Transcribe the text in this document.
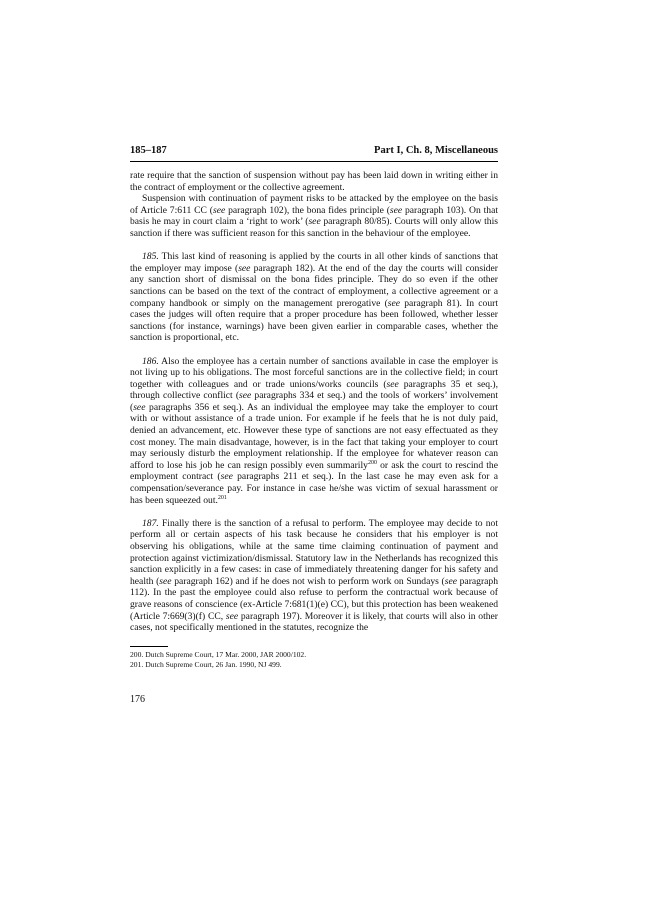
185–187	Part I, Ch. 8, Miscellaneous

rate require that the sanction of suspension without pay has been laid down in writing either in the contract of employment or the collective agreement.

Suspension with continuation of payment risks to be attacked by the employee on the basis of Article 7:611 CC (see paragraph 102), the bona fides principle (see paragraph 103). On that basis he may in court claim a ‘right to work’ (see paragraph 80/85). Courts will only allow this sanction if there was sufficient reason for this sanction in the behaviour of the employee.

185. This last kind of reasoning is applied by the courts in all other kinds of sanctions that the employer may impose (see paragraph 182). At the end of the day the courts will consider any sanction short of dismissal on the bona fides principle. They do so even if the other sanctions can be based on the text of the contract of employment, a collective agreement or a company handbook or simply on the management prerogative (see paragraph 81). In court cases the judges will often require that a proper procedure has been followed, whether lesser sanctions (for instance, warnings) have been given earlier in comparable cases, whether the sanction is proportional, etc.

186. Also the employee has a certain number of sanctions available in case the employer is not living up to his obligations. The most forceful sanctions are in the collective field; in court together with colleagues and or trade unions/works councils (see paragraphs 35 et seq.), through collective conflict (see paragraphs 334 et seq.) and the tools of workers’ involvement (see paragraphs 356 et seq.). As an individual the employee may take the employer to court with or without assistance of a trade union. For example if he feels that he is not duly paid, denied an advancement, etc. However these type of sanctions are not easy effectuated as they cost money. The main disadvantage, however, is in the fact that taking your employer to court may seriously disturb the employment relationship. If the employee for whatever reason can afford to lose his job he can resign possibly even summarily$^{200}$ or ask the court to rescind the employment contract (see paragraphs 211 et seq.). In the last case he may even ask for a compensation/severance pay. For instance in case he/she was victim of sexual harassment or has been squeezed out.$^{201}$

187. Finally there is the sanction of a refusal to perform. The employee may decide to not perform all or certain aspects of his task because he considers that his employer is not observing his obligations, while at the same time claiming continuation of payment and protection against victimization/dismissal. Statutory law in the Netherlands has recognized this sanction explicitly in a few cases: in case of immediately threatening danger for his safety and health (see paragraph 162) and if he does not wish to perform work on Sundays (see paragraph 112). In the past the employee could also refuse to perform the contractual work because of grave reasons of conscience (ex-Article 7:681(1)(e) CC), but this protection has been weakened (Article 7:669(3)(f) CC, see paragraph 197). Moreover it is likely, that courts will also in other cases, not specifically mentioned in the statutes, recognize the

200. Dutch Supreme Court, 17 Mar. 2000, JAR 2000/102.
201. Dutch Supreme Court, 26 Jan. 1990, NJ 499.
176
